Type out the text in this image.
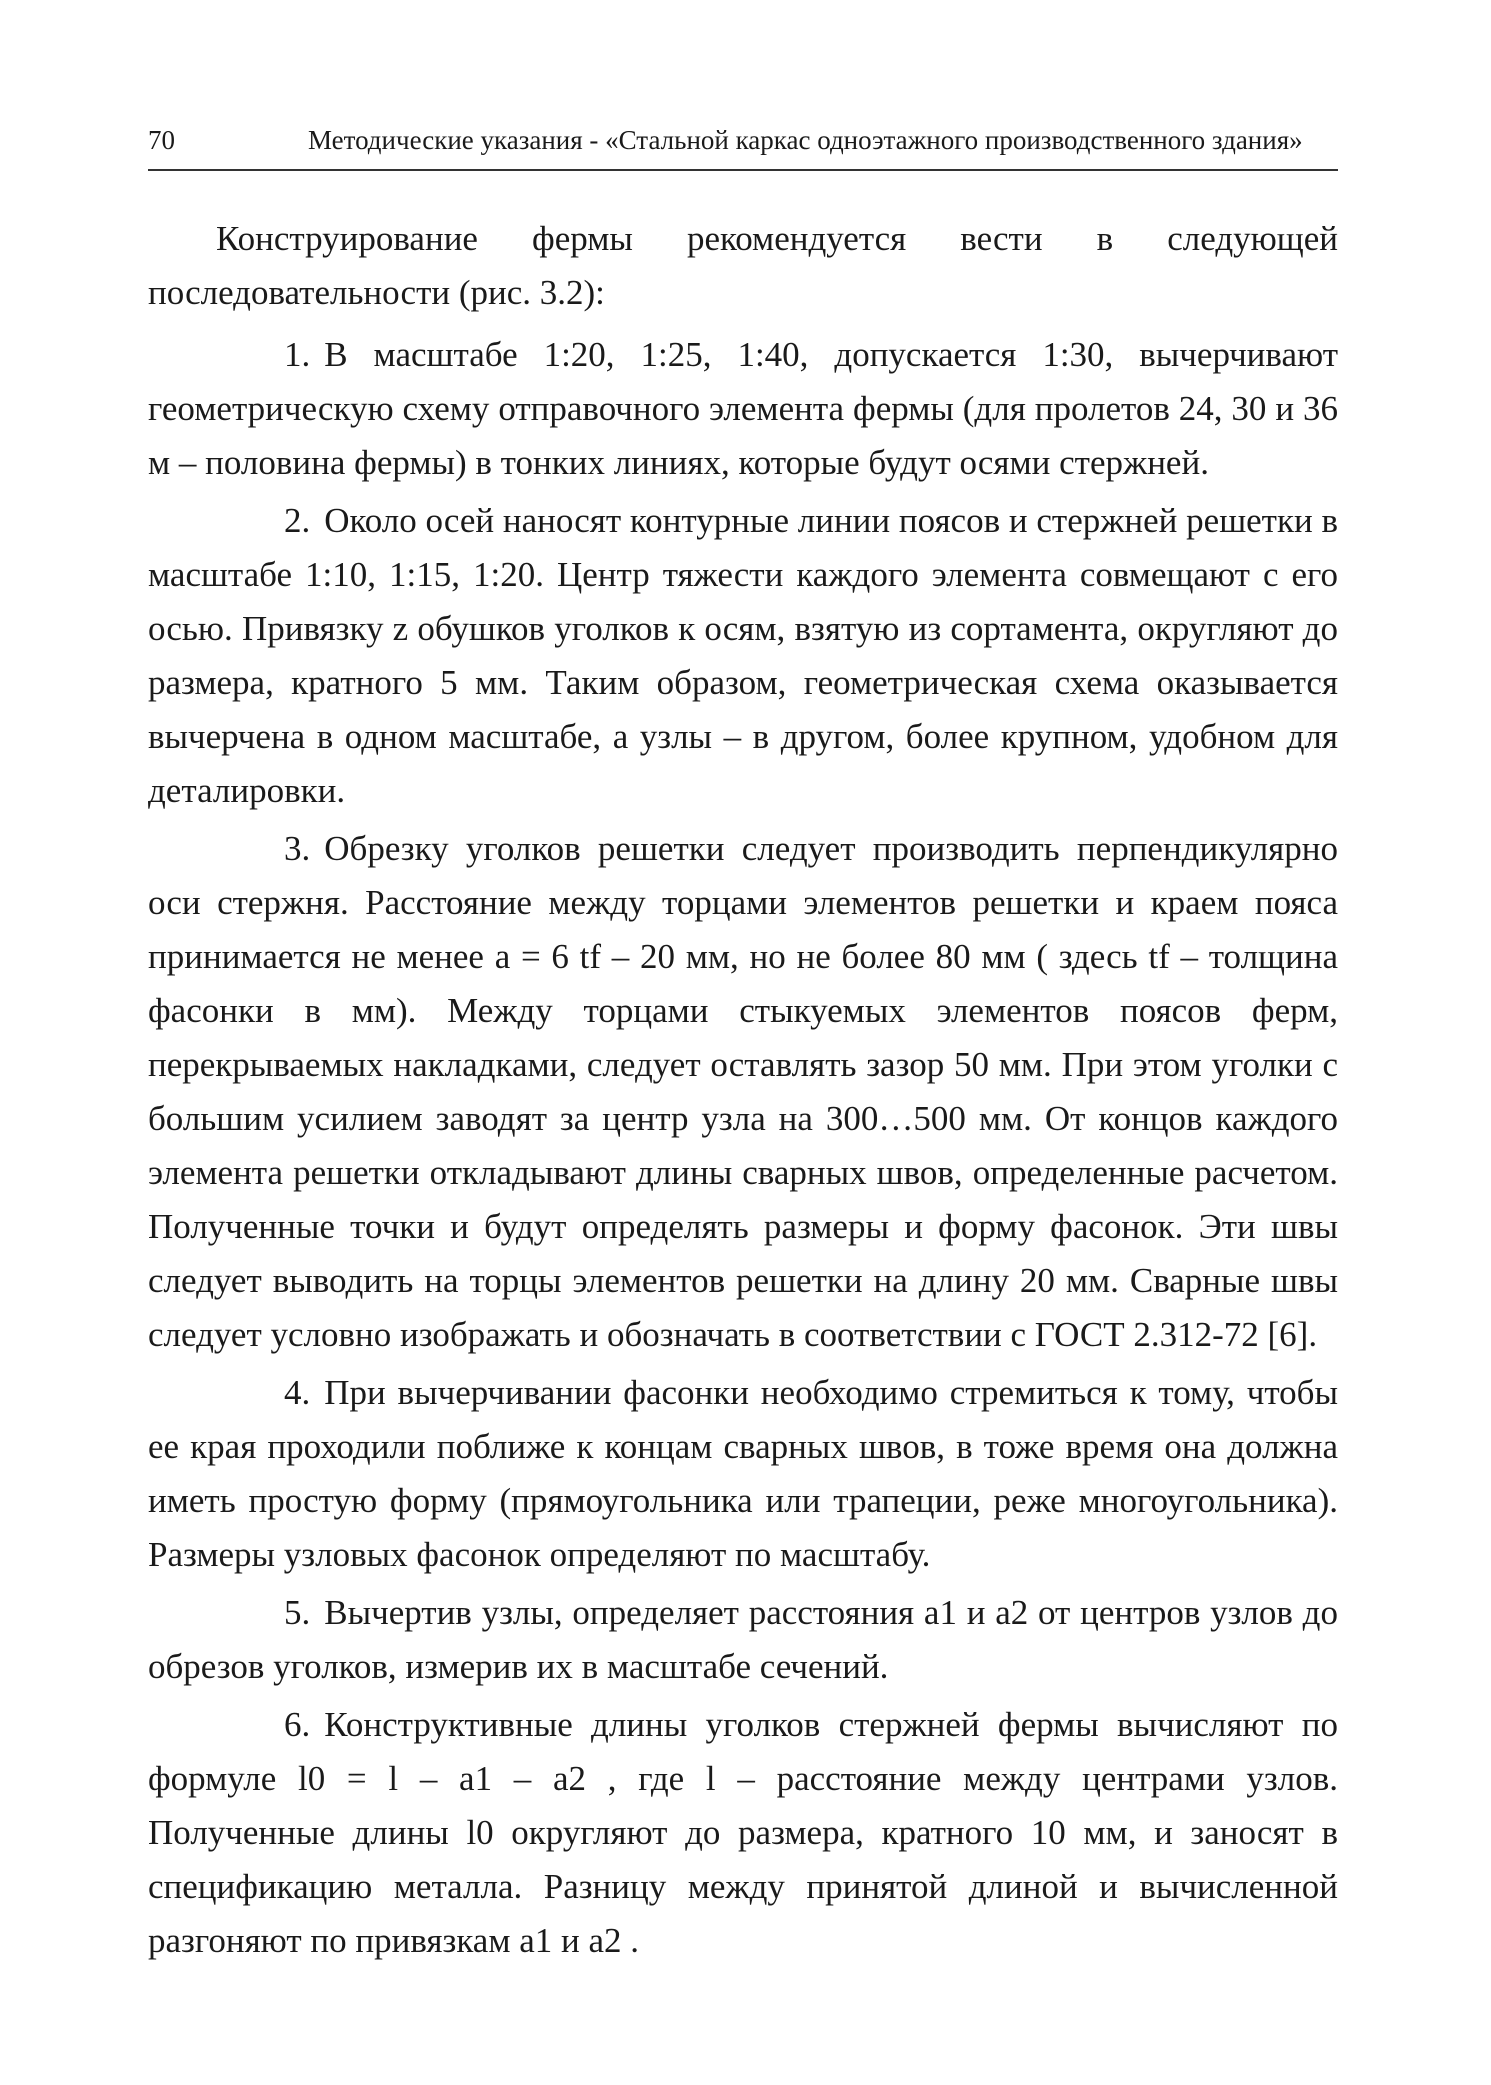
70	Методические указания - «Стальной каркас одноэтажного производственного здания»

Конструирование фермы рекомендуется вести в следующей последовательности (рис. 3.2):

1. В масштабе 1:20, 1:25, 1:40, допускается 1:30, вычерчивают геометрическую схему отправочного элемента фермы (для пролетов 24, 30 и 36 м – половина фермы) в тонких линиях, которые будут осями стержней.

2. Около осей наносят контурные линии поясов и стержней решетки в масштабе 1:10, 1:15, 1:20. Центр тяжести каждого элемента совмещают с его осью. Привязку z обушков уголков к осям, взятую из сортамента, округляют до размера, кратного 5 мм. Таким образом, геометрическая схема оказывается вычерчена в одном масштабе, а узлы – в другом, более крупном, удобном для деталировки.

3. Обрезку уголков решетки следует производить перпендикулярно оси стержня. Расстояние между торцами элементов решетки и краем пояса принимается не менее a = 6 tf – 20 мм, но не более 80 мм ( здесь tf – толщина фасонки в мм). Между торцами стыкуемых элементов поясов ферм, перекрываемых накладками, следует оставлять зазор 50 мм. При этом уголки с большим усилием заводят за центр узла на 300…500 мм. От концов каждого элемента решетки откладывают длины сварных швов, определенные расчетом. Полученные точки и будут определять размеры и форму фасонок. Эти швы следует выводить на торцы элементов решетки на длину 20 мм. Сварные швы следует условно изображать и обозначать в соответствии с ГОСТ 2.312-72 [6].

4. При вычерчивании фасонки необходимо стремиться к тому, чтобы ее края проходили поближе к концам сварных швов, в тоже время она должна иметь простую форму (прямоугольника или трапеции, реже многоугольника). Размеры узловых фасонок определяют по масштабу.

5. Вычертив узлы, определяет расстояния a1 и a2 от центров узлов до обрезов уголков, измерив их в масштабе сечений.

6. Конструктивные длины уголков стержней фермы вычисляют по формуле l0 = l – a1 – a2 , где l – расстояние между центрами узлов. Полученные длины l0 округляют до размера, кратного 10 мм, и заносят в спецификацию металла. Разницу между принятой длиной и вычисленной разгоняют по привязкам a1 и a2 .
